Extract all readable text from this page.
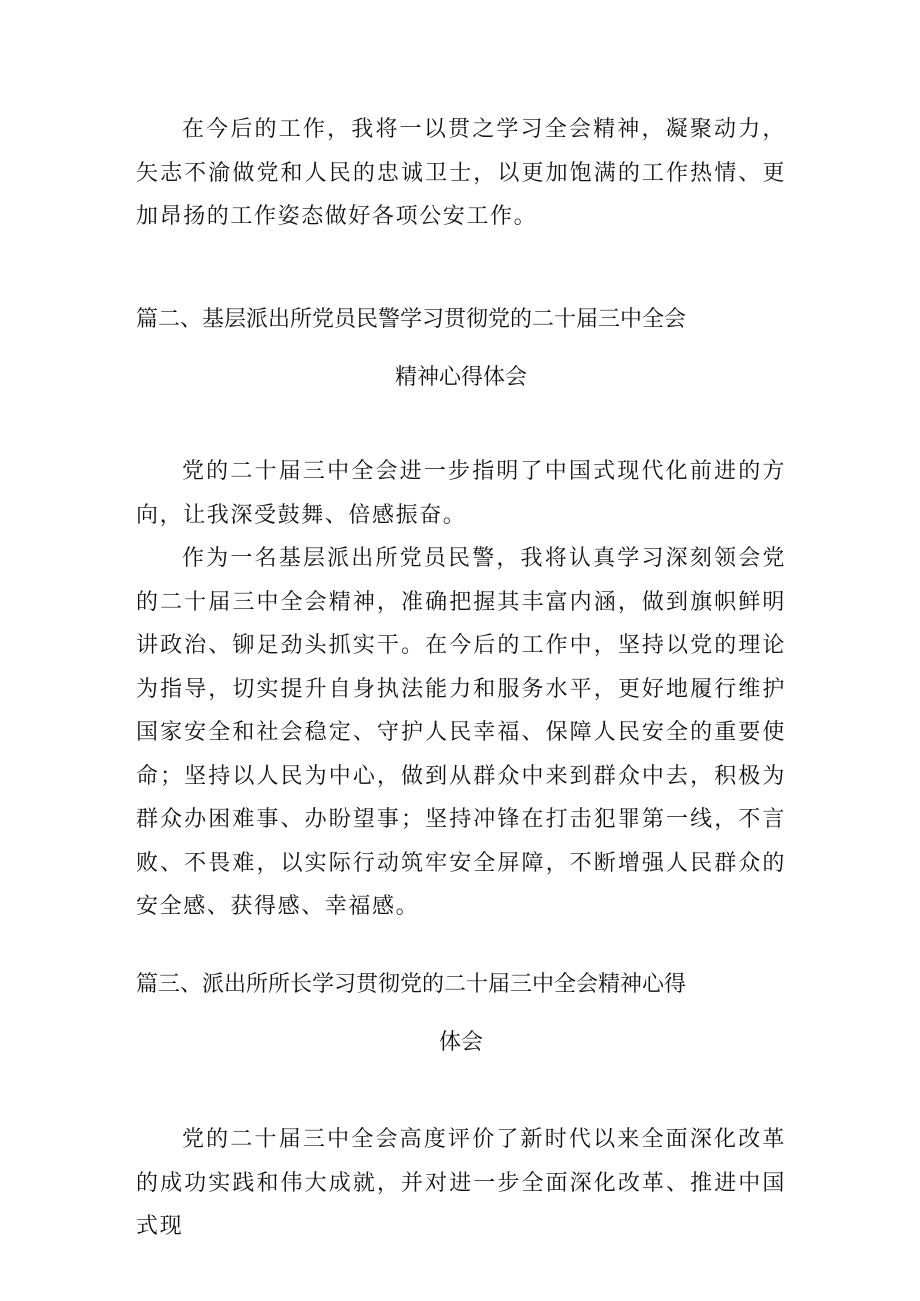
在今后的工作，我将一以贯之学习全会精神，凝聚动力，矢志不渝做党和人民的忠诚卫士，以更加饱满的工作热情、更加昂扬的工作姿态做好各项公安工作。

篇二、基层派出所党员民警学习贯彻党的二十届三中全会
精神心得体会

党的二十届三中全会进一步指明了中国式现代化前进的方向，让我深受鼓舞、倍感振奋。

作为一名基层派出所党员民警，我将认真学习深刻领会党的二十届三中全会精神，准确把握其丰富内涵，做到旗帜鲜明讲政治、铆足劲头抓实干。在今后的工作中，坚持以党的理论为指导，切实提升自身执法能力和服务水平，更好地履行维护国家安全和社会稳定、守护人民幸福、保障人民安全的重要使命；坚持以人民为中心，做到从群众中来到群众中去，积极为群众办困难事、办盼望事；坚持冲锋在打击犯罪第一线，不言败、不畏难，以实际行动筑牢安全屏障，不断增强人民群众的安全感、获得感、幸福感。

篇三、派出所所长学习贯彻党的二十届三中全会精神心得
体会

党的二十届三中全会高度评价了新时代以来全面深化改革的成功实践和伟大成就，并对进一步全面深化改革、推进中国式现
